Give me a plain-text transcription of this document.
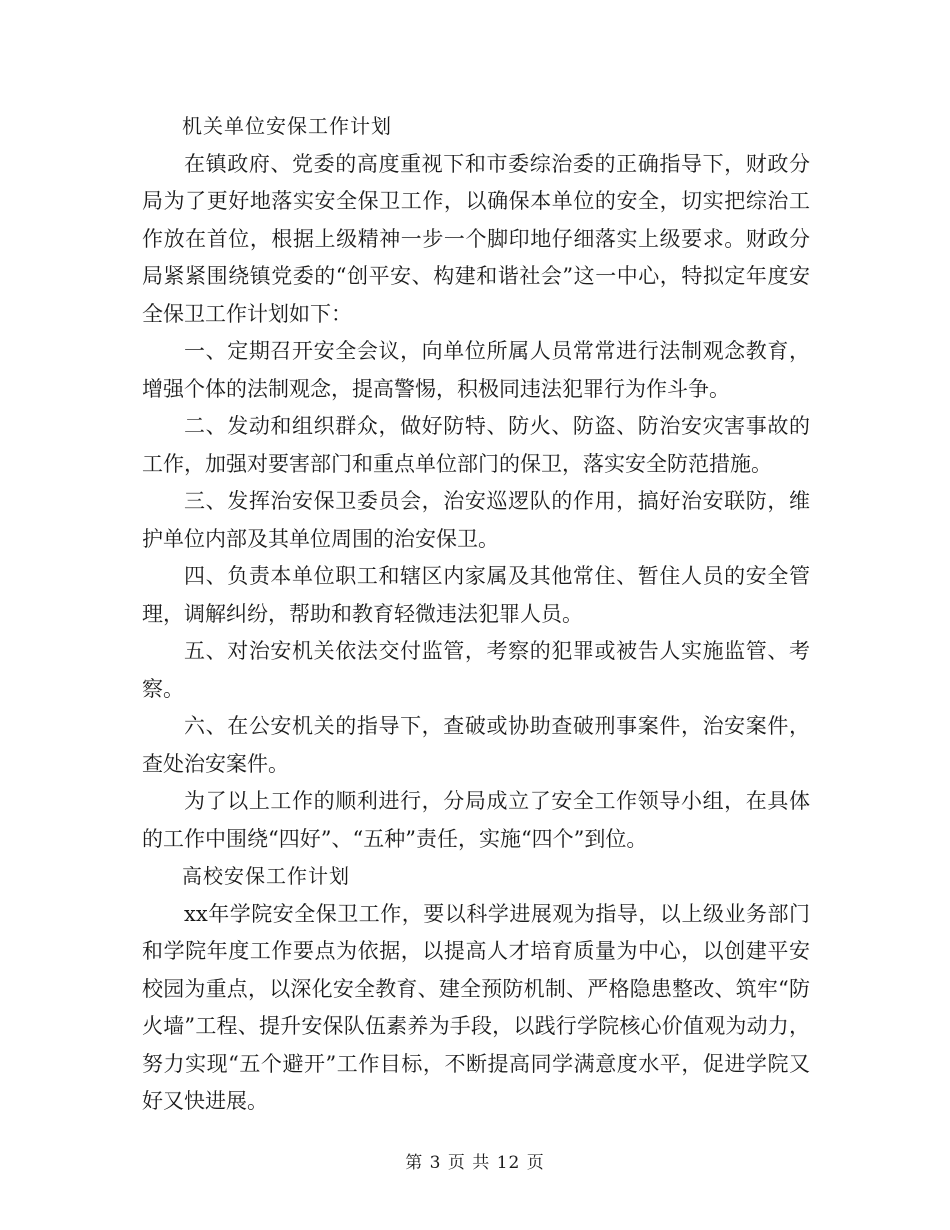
机关单位安保工作计划

在镇政府、党委的高度重视下和市委综治委的正确指导下，财政分局为了更好地落实安全保卫工作，以确保本单位的安全，切实把综治工作放在首位，根据上级精神一步一个脚印地仔细落实上级要求。财政分局紧紧围绕镇党委的“创平安、构建和谐社会”这一中心，特拟定年度安全保卫工作计划如下：

一、定期召开安全会议，向单位所属人员常常进行法制观念教育，增强个体的法制观念，提高警惕，积极同违法犯罪行为作斗争。

二、发动和组织群众，做好防特、防火、防盗、防治安灾害事故的工作，加强对要害部门和重点单位部门的保卫，落实安全防范措施。

三、发挥治安保卫委员会，治安巡逻队的作用，搞好治安联防，维护单位内部及其单位周围的治安保卫。

四、负责本单位职工和辖区内家属及其他常住、暂住人员的安全管理，调解纠纷，帮助和教育轻微违法犯罪人员。

五、对治安机关依法交付监管，考察的犯罪或被告人实施监管、考察。

六、在公安机关的指导下，查破或协助查破刑事案件，治安案件，查处治安案件。

为了以上工作的顺利进行，分局成立了安全工作领导小组，在具体的工作中围绕“四好”、“五种”责任，实施“四个”到位。

高校安保工作计划

xx年学院安全保卫工作，要以科学进展观为指导，以上级业务部门和学院年度工作要点为依据，以提高人才培育质量为中心，以创建平安校园为重点，以深化安全教育、建全预防机制、严格隐患整改、筑牢“防火墙”工程、提升安保队伍素养为手段，以践行学院核心价值观为动力，努力实现“五个避开”工作目标，不断提高同学满意度水平，促进学院又好又快进展。

第 3 页 共 12 页
